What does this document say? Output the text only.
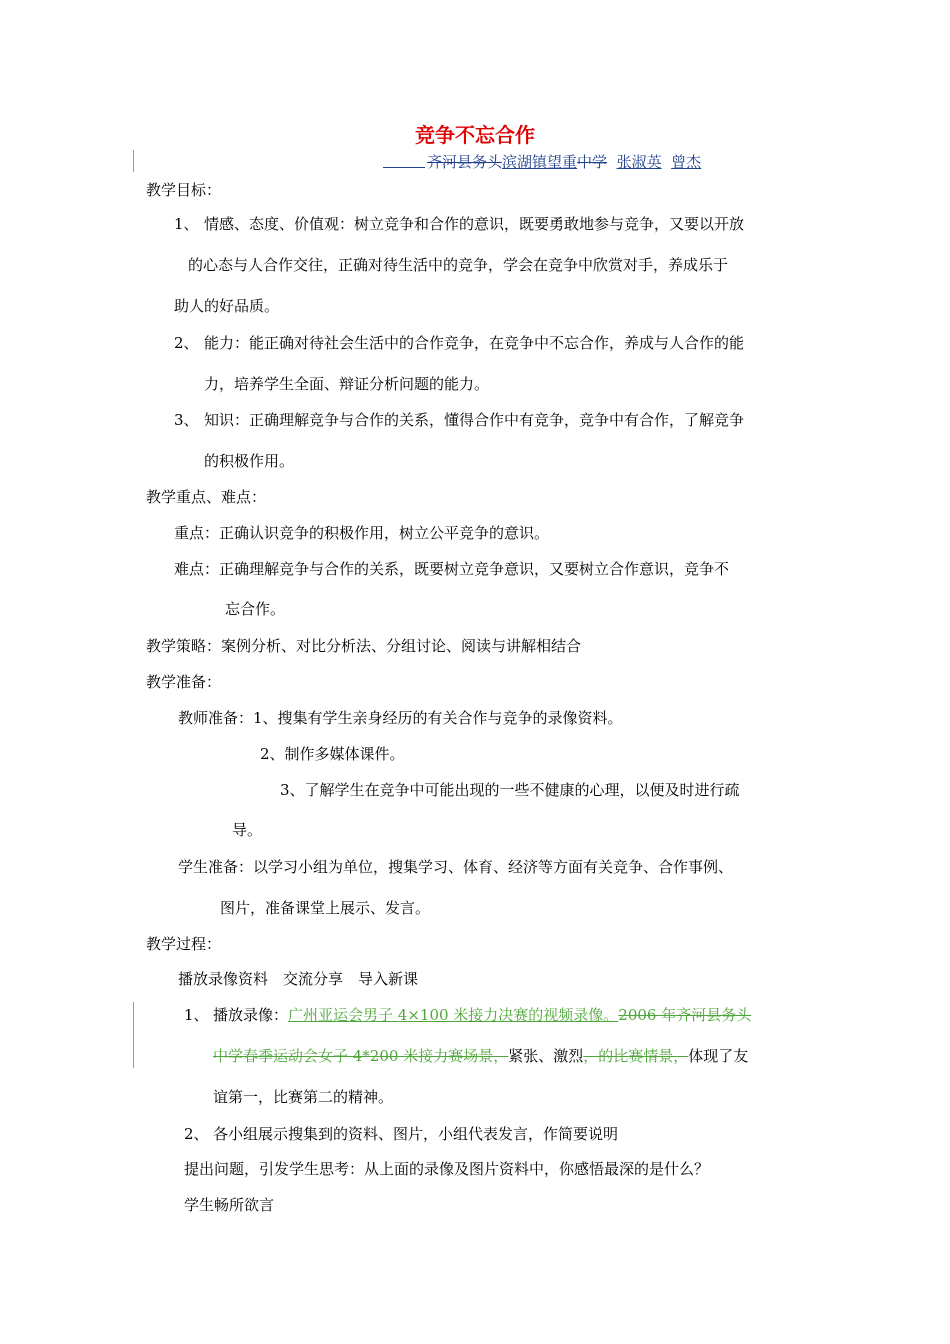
竞争不忘合作
齐河县务头滨湖镇望重中学 张淑英 曾杰
教学目标：
1、 情感、态度、价值观：树立竞争和合作的意识，既要勇敢地参与竞争，又要以开放
的心态与人合作交往，正确对待生活中的竞争，学会在竞争中欣赏对手，养成乐于
助人的好品质。
2、 能力：能正确对待社会生活中的合作竞争，在竞争中不忘合作，养成与人合作的能
力，培养学生全面、辩证分析问题的能力。
3、 知识：正确理解竞争与合作的关系，懂得合作中有竞争，竞争中有合作，了解竞争
的积极作用。
教学重点、难点：
重点：正确认识竞争的积极作用，树立公平竞争的意识。
难点：正确理解竞争与合作的关系，既要树立竞争意识，又要树立合作意识，竞争不
忘合作。
教学策略：案例分析、对比分析法、分组讨论、阅读与讲解相结合
教学准备：
教师准备：1、搜集有学生亲身经历的有关合作与竞争的录像资料。
2、制作多媒体课件。
3、了解学生在竞争中可能出现的一些不健康的心理，以便及时进行疏
导。
学生准备：以学习小组为单位，搜集学习、体育、经济等方面有关竞争、合作事例、
图片，准备课堂上展示、发言。
教学过程：
播放录像资料　交流分享　导入新课
1、 播放录像：广州亚运会男子 4×100 米接力决赛的视频录像。2006 年齐河县务头
中学春季运动会女子 4*200 米接力赛场景，紧张、激烈，的比赛情景，体现了友
谊第一，比赛第二的精神。
2、 各小组展示搜集到的资料、图片，小组代表发言，作简要说明
提出问题，引发学生思考：从上面的录像及图片资料中，你感悟最深的是什么？
学生畅所欲言
